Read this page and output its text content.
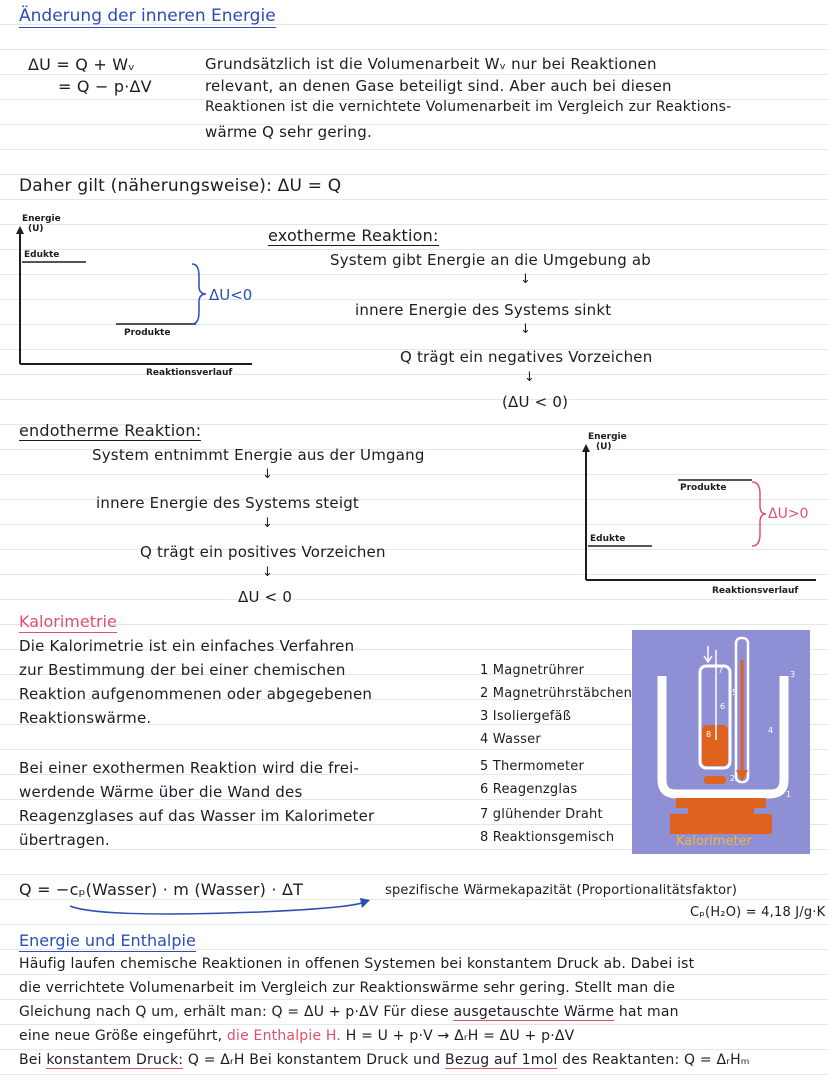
Änderung der inneren Energie
ΔU = Q + Wᵥ
= Q − p·ΔV
Grundsätzlich ist die Volumenarbeit Wᵥ nur bei Reaktionen
relevant, an denen Gase beteiligt sind. Aber auch bei diesen
Reaktionen ist die vernichtete Volumenarbeit im Vergleich zur Reaktions-
wärme Q sehr gering.
Daher gilt (näherungsweise): ΔU = Q
Energie
(U)
Edukte
Produkte
Reaktionsverlauf
ΔU<0
exotherme Reaktion:
System gibt Energie an die Umgebung ab
↓
innere Energie des Systems sinkt
↓
Q trägt ein negatives Vorzeichen
↓
(ΔU < 0)
endotherme Reaktion:
System entnimmt Energie aus der Umgang
↓
innere Energie des Systems steigt
↓
Q trägt ein positives Vorzeichen
↓
ΔU < 0
Energie
(U)
Produkte
Edukte
Reaktionsverlauf
ΔU>0
Kalorimetrie
Die Kalorimetrie ist ein einfaches Verfahren
zur Bestimmung der bei einer chemischen
Reaktion aufgenommenen oder abgegebenen
Reaktionswärme.
Bei einer exothermen Reaktion wird die frei-
werdende Wärme über die Wand des
Reagenzglases auf das Wasser im Kalorimeter
übertragen.
1 Magnetrührer
2 Magnetrührstäbchen
3 Isoliergefäß
4 Wasser
5 Thermometer
6 Reagenzglas
7 glühender Draht
8 Reaktionsgemisch
1
2
3
4
5
6
7
8
Kalorimeter
Q = −cₚ(Wasser) · m (Wasser) · ΔT	spezifische Wärmekapazität (Proportionalitätsfaktor)
Cₚ(H₂O) = 4,18 J/g·K
Energie und Enthalpie
Häufig laufen chemische Reaktionen in offenen Systemen bei konstantem Druck ab. Dabei ist
die verrichtete Volumenarbeit im Vergleich zur Reaktionswärme sehr gering. Stellt man die
Gleichung nach Q um, erhält man: Q = ΔU + p·ΔV Für diese ausgetauschte Wärme hat man
eine neue Größe eingeführt, die Enthalpie H. H = U + p·V → ΔᵣH = ΔU + p·ΔV
Bei konstantem Druck: Q = ΔᵣH Bei konstantem Druck und Bezug auf 1mol des Reaktanten: Q = ΔᵣHₘ
